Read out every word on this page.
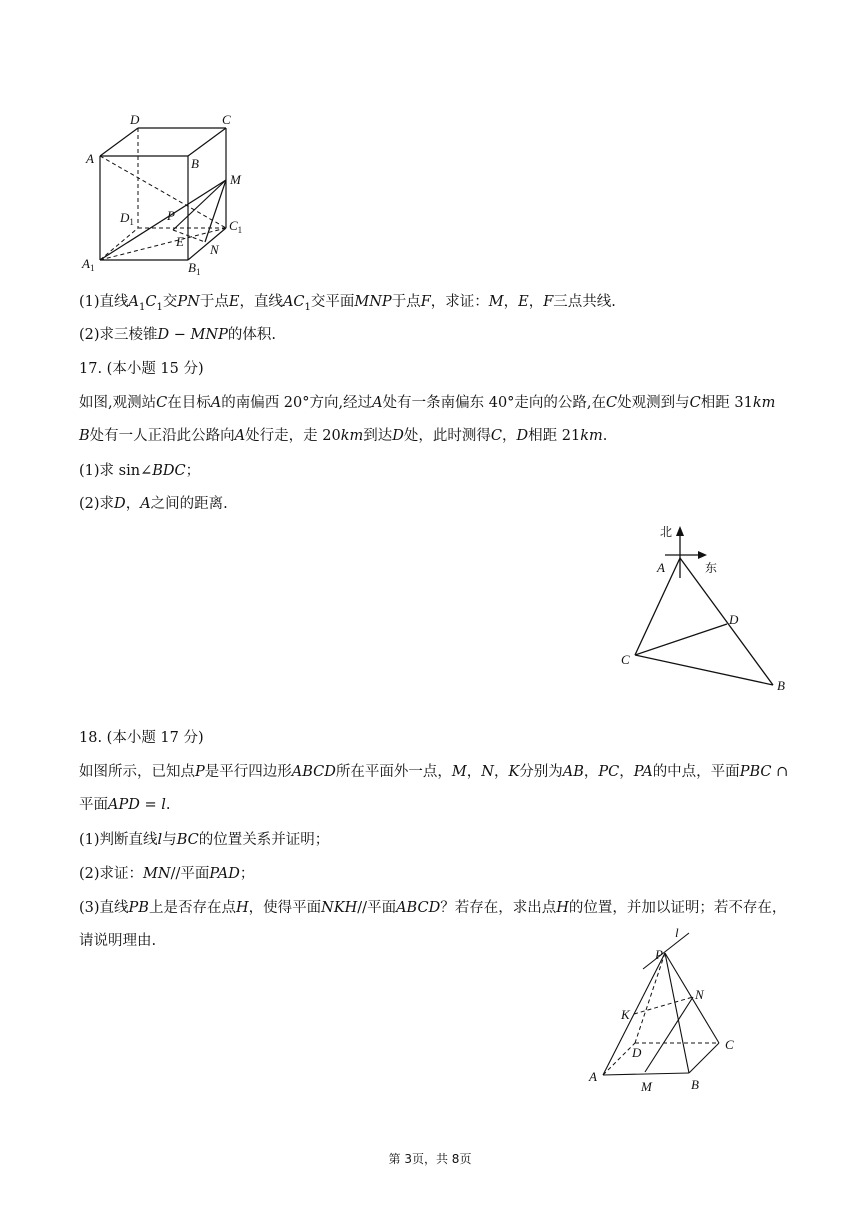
D	C
A	B
M
$D_1$	P
$C_1$
E
N
$A_1$	$B_1$
(1)直线$A_1C_1$交PN于点E，直线$AC_1$交平面MNP于点F，求证：M，E，F三点共线.
(2)求三棱锥D − MNP的体积.
17. (本小题 15 分)
如图,观测站C在目标A的南偏西 20°方向,经过A处有一条南偏东 40°走向的公路,在C处观测到与C相距 31km
B处有一人正沿此公路向A处行走，走 20km到达D处，此时测得C，D相距 21km.
(1)求 sin∠BDC；
(2)求D，A之间的距离.
北
东
A
D
C
B
18. (本小题 17 分)
如图所示，已知点P是平行四边形ABCD所在平面外一点，M，N，K分别为AB，PC，PA的中点，平面PBC ∩
平面APD = l.
(1)判断直线l与BC的位置关系并证明；
(2)求证：MN//平面PAD；
(3)直线PB上是否存在点H，使得平面NKH//平面ABCD？若存在，求出点H的位置，并加以证明；若不存在，
请说明理由.
l
P
N
K
C
D
A
M	B
第 3页，共 8页
